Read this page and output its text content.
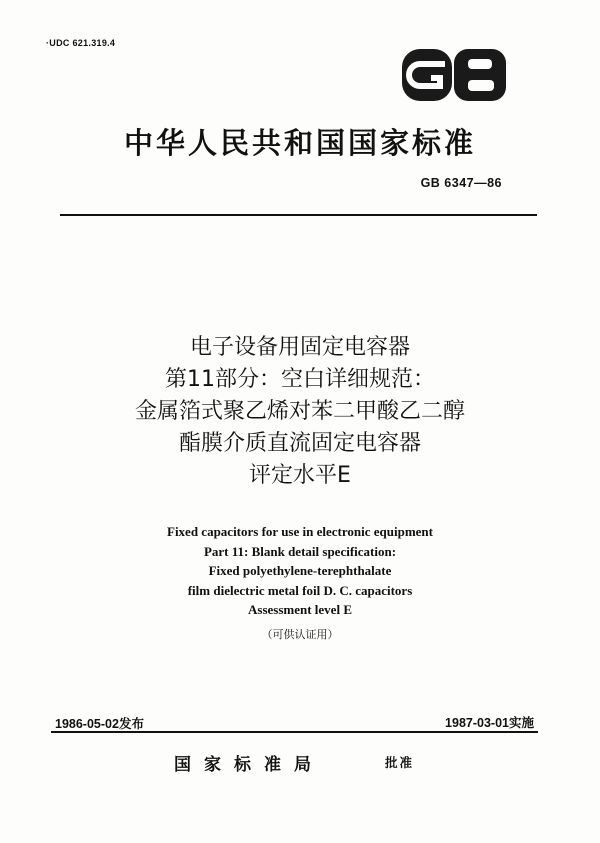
·UDC 621.319.4
中华人民共和国国家标准
GB 6347—86
电子设备用固定电容器
第11部分：空白详细规范：
金属箔式聚乙烯对苯二甲酸乙二醇
酯膜介质直流固定电容器
评定水平E
Fixed capacitors for use in electronic equipment
Part 11: Blank detail specification:
Fixed polyethylene-terephthalate
film dielectric metal foil D. C. capacitors
Assessment level E
（可供认证用）
1986-05-02发布	1987-03-01实施
国家标准局	批准
